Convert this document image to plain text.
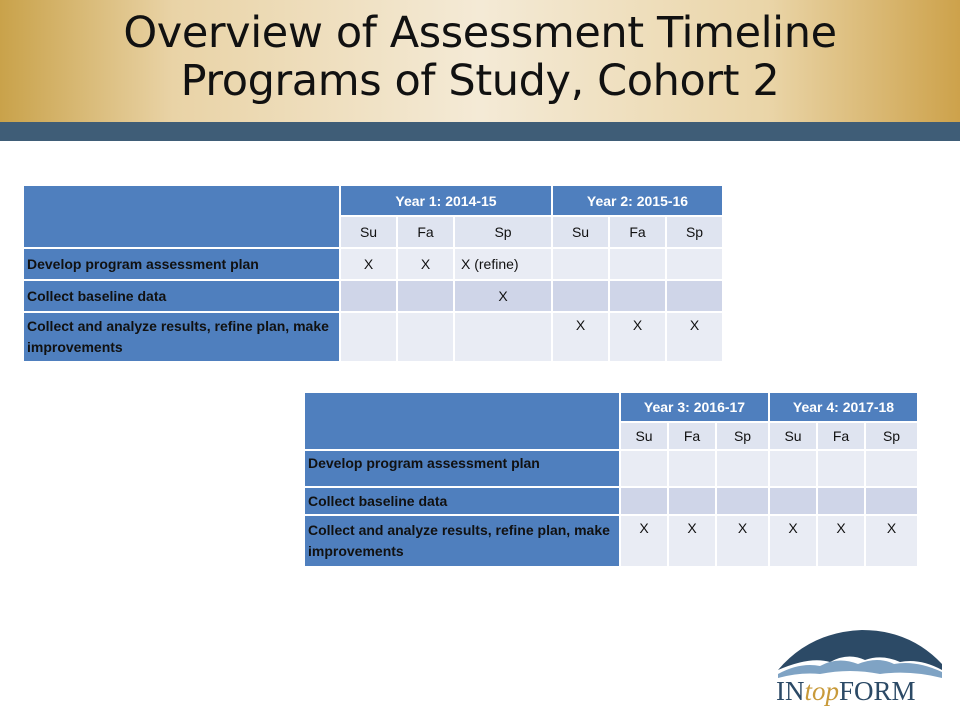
Overview of Assessment Timeline
Programs of Study, Cohort 2
	Year 1: 2014-15			Year 2: 2015-16		
	Su	Fa	Sp	Su	Fa	Sp
Develop program assessment plan	X	X	X (refine)			
Collect baseline data			X			
Collect and analyze results, refine plan, make improvements				X	X	X
	Year 3: 2016-17			Year 4: 2017-18		
	Su	Fa	Sp	Su	Fa	Sp
Develop program assessment plan						
Collect baseline data						
Collect and analyze results, refine plan, make improvements	X	X	X	X	X	X
INtopFORM
